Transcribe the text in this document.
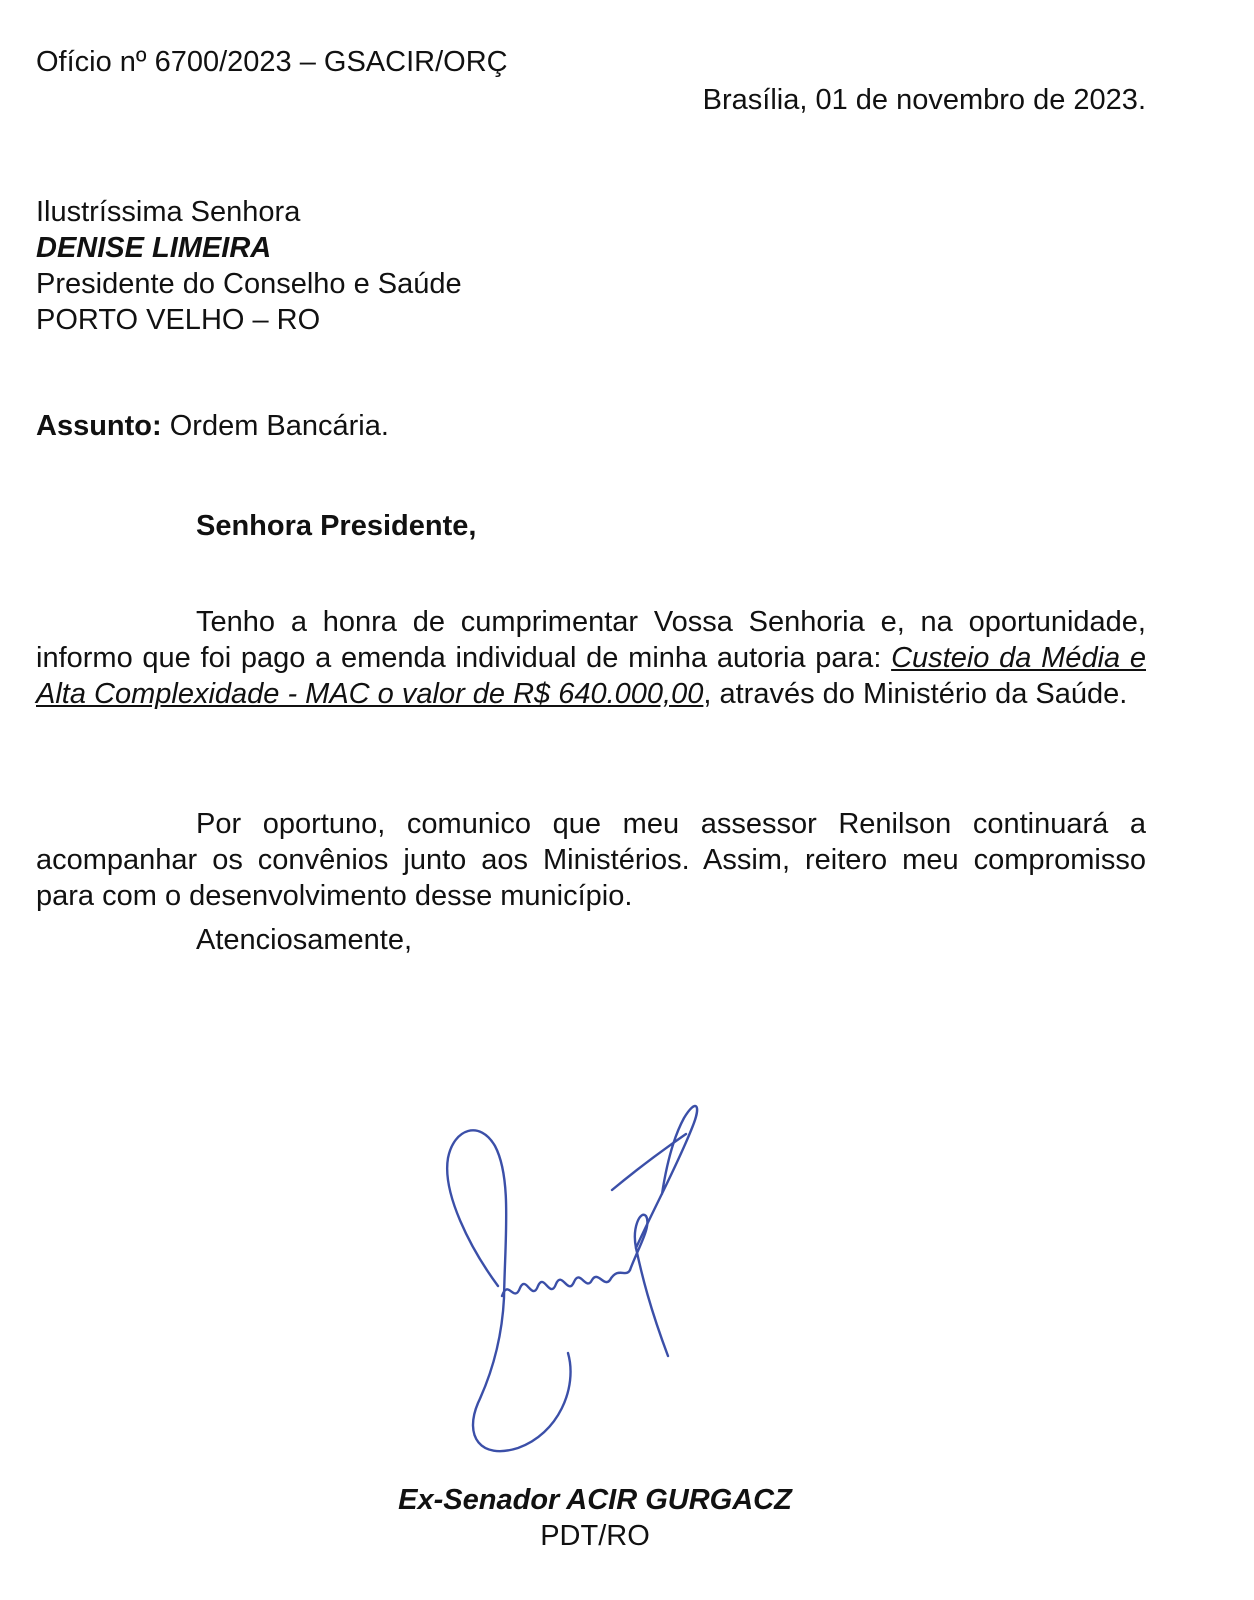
Ofício nº 6700/2023 – GSACIR/ORÇ
Brasília, 01 de novembro de 2023.
Ilustríssima Senhora
DENISE LIMEIRA
Presidente do Conselho e Saúde
PORTO VELHO – RO
Assunto: Ordem Bancária.
Senhora Presidente,
Tenho a honra de cumprimentar Vossa Senhoria e, na oportunidade, informo que foi pago a emenda individual de minha autoria para: Custeio da Média e Alta Complexidade - MAC o valor de R$ 640.000,00, através do Ministério da Saúde.
Por oportuno, comunico que meu assessor Renilson continuará a acompanhar os convênios junto aos Ministérios. Assim, reitero meu compromisso para com o desenvolvimento desse município.
Atenciosamente,
Ex-Senador ACIR GURGACZ
PDT/RO
